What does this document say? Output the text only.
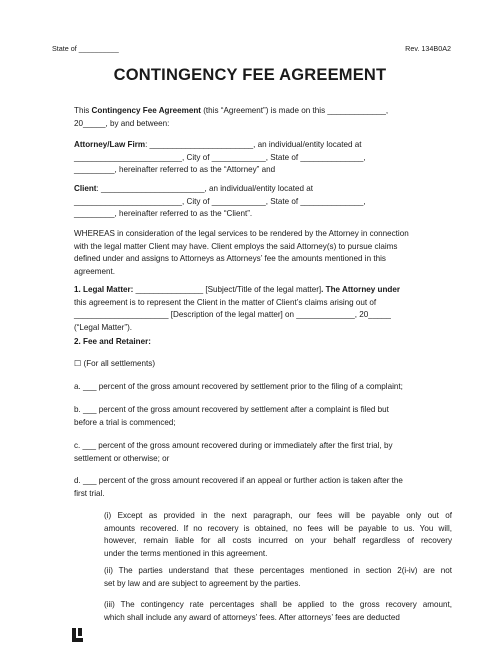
State of __________	Rev. 134B0A2
CONTINGENCY FEE AGREEMENT
This Contingency Fee Agreement (this “Agreement”) is made on this _____________,
20_____, by and between:
Attorney/Law Firm: _______________________, an individual/entity located at
________________________, City of ____________, State of ______________,
_________, hereinafter referred to as the “Attorney” and
Client: _______________________, an individual/entity located at
________________________, City of ____________, State of ______________,
_________, hereinafter referred to as the “Client”.
WHEREAS in consideration of the legal services to be rendered by the Attorney in connection
with the legal matter Client may have. Client employs the said Attorney(s) to pursue claims
defined under and assigns to Attorneys as Attorneys’ fee the amounts mentioned in this
agreement.
1. Legal Matter: _______________ [Subject/Title of the legal matter]. The Attorney under
this agreement is to represent the Client in the matter of Client’s claims arising out of
_____________________ [Description of the legal matter] on _____________, 20_____
(“Legal Matter”).
2. Fee and Retainer:
☐ (For all settlements)
a. ___ percent of the gross amount recovered by settlement prior to the filing of a complaint;
b. ___ percent of the gross amount recovered by settlement after a complaint is filed but
before a trial is commenced;
c. ___ percent of the gross amount recovered during or immediately after the first trial, by
settlement or otherwise; or
d. ___ percent of the gross amount recovered if an appeal or further action is taken after the
first trial.
(i) Except as provided in the next paragraph, our fees will be payable only out of
amounts recovered. If no recovery is obtained, no fees will be payable to us. You will,
however, remain liable for all costs incurred on your behalf regardless of recovery
under the terms mentioned in this agreement.
(ii) The parties understand that these percentages mentioned in section 2(i-iv) are not
set by law and are subject to agreement by the parties.
(iii) The contingency rate percentages shall be applied to the gross recovery amount,
which shall include any award of attorneys’ fees. After attorneys’ fees are deducted
